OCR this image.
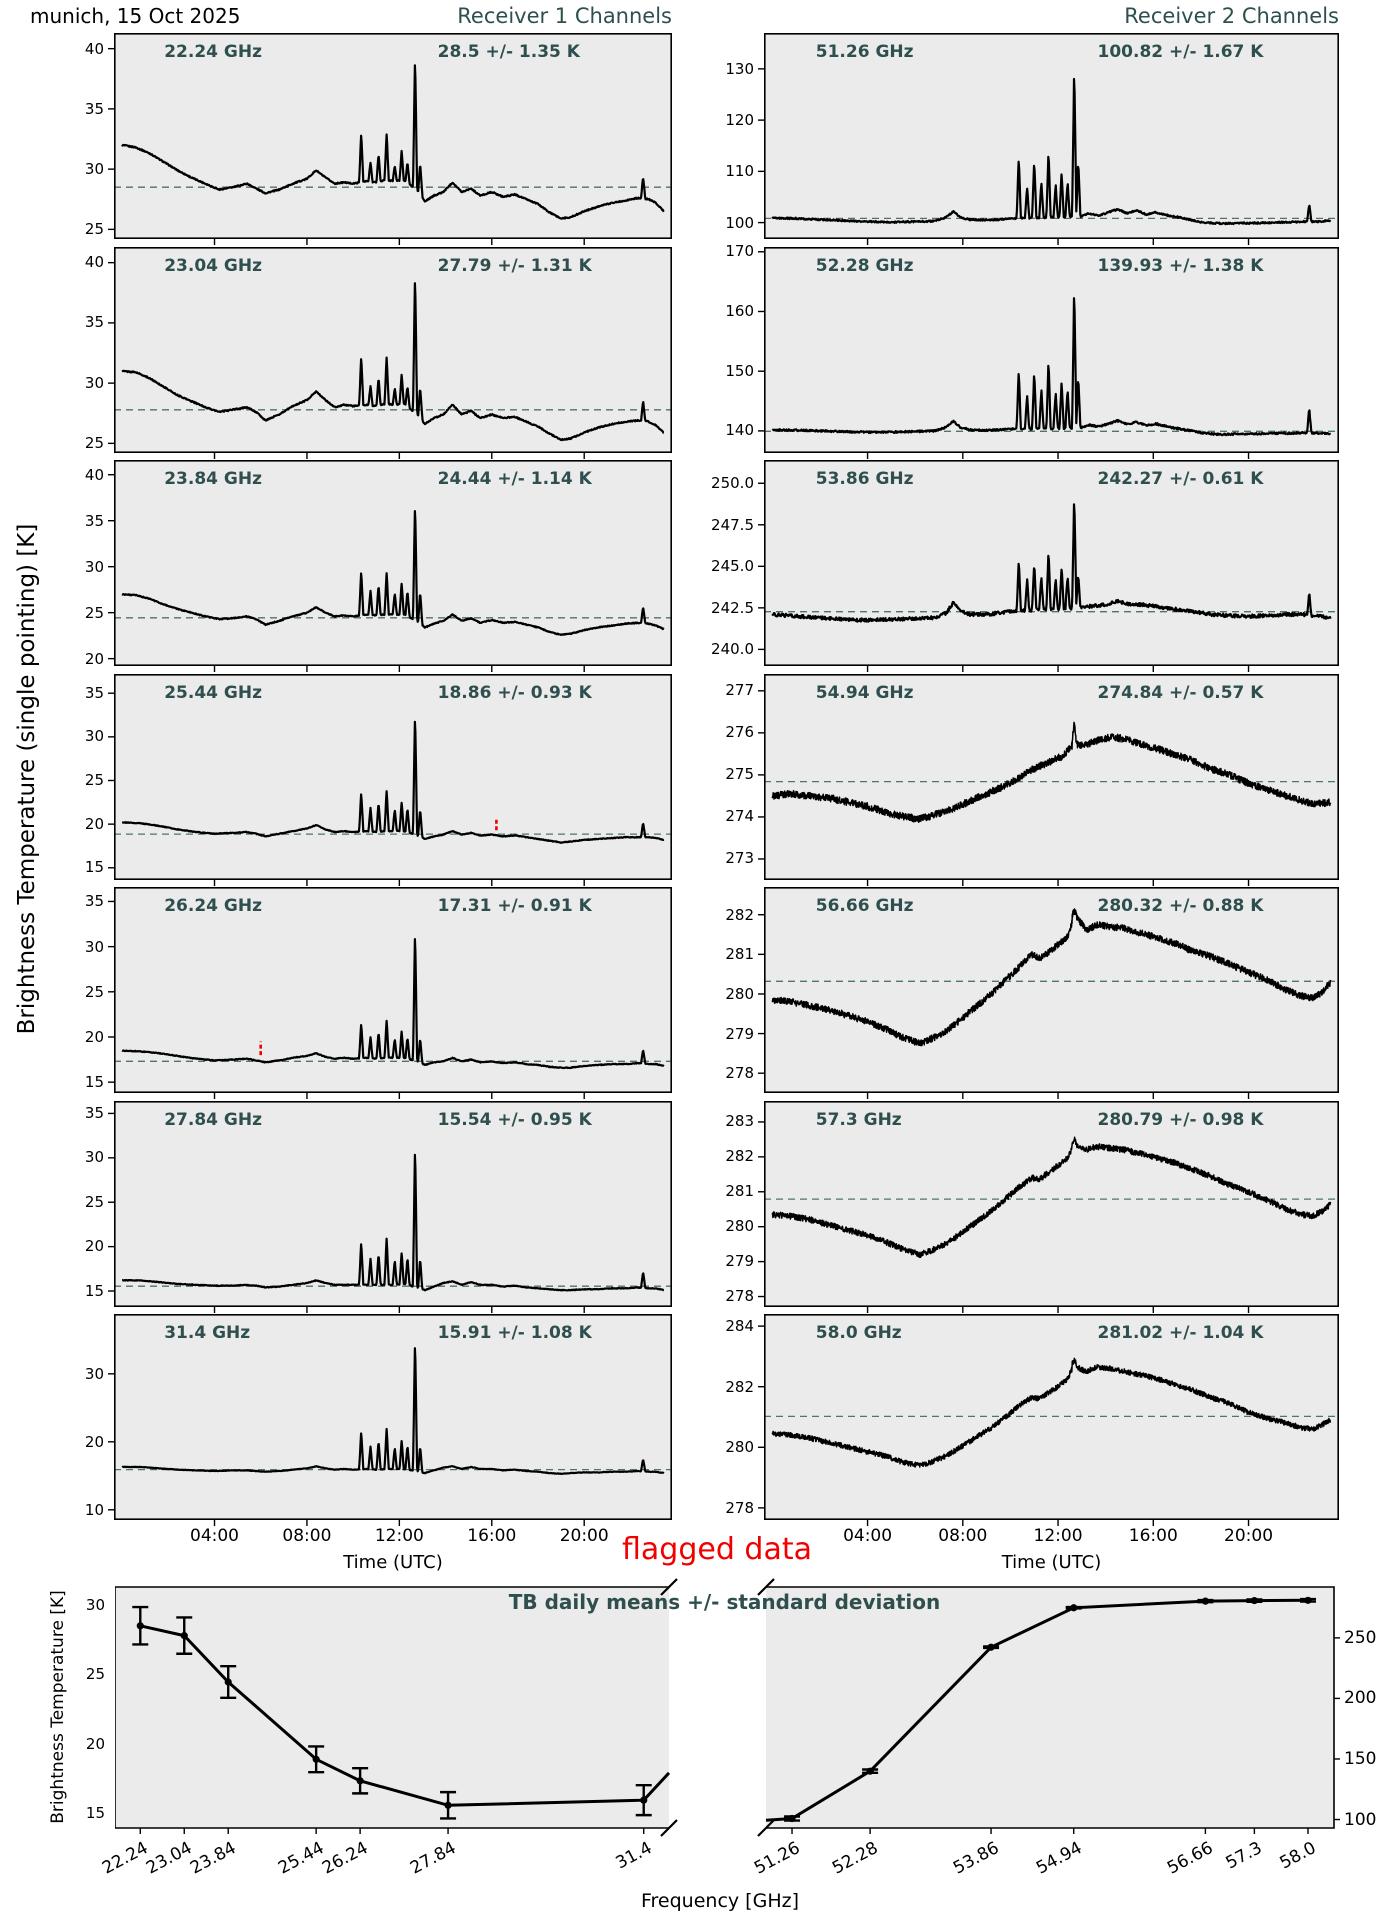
munich, 15 Oct 2025	Receiver 1 Channels	Receiver 2 Channels
Brightness Temperature (single pointing) [K]
flagged data
Brightness Temperature [K]
Frequency [GHz]
25
30
35
40	22.24 GHz	28.5 +/- 1.35 K
25
30
35
40	23.04 GHz	27.79 +/- 1.31 K
20
25
30
35
40	23.84 GHz	24.44 +/- 1.14 K
15
20
25
30
35	25.44 GHz	18.86 +/- 0.93 K
15
20
25
30
35	26.24 GHz	17.31 +/- 0.91 K
15
20
25
30
35	27.84 GHz	15.54 +/- 0.95 K
10
20
30
31.4 GHz	15.91 +/- 1.08 K
04:00	08:00	12:00	16:00	20:00
Time (UTC)
100
110
120
130
51.26 GHz	100.82 +/- 1.67 K
140
150
160
170
52.28 GHz	139.93 +/- 1.38 K
240.0
242.5
245.0
247.5
250.0	53.86 GHz	242.27 +/- 0.61 K
273
274
275
276
277	54.94 GHz	274.84 +/- 0.57 K
278
279
280
281
282	56.66 GHz	280.32 +/- 0.88 K
278
279
280
281
282
283	57.3 GHz	280.79 +/- 0.98 K
278
280
282
284	58.0 GHz	281.02 +/- 1.04 K
04:00	08:00	12:00	16:00	20:00
Time (UTC)
15
20
25
30
100
150
200
250
22.24
23.04
23.84	25.44
26.24	27.84	31.4	51.26	52.28	53.86	54.94	56.66 57.3 58.0
TB daily means +/- standard deviation
